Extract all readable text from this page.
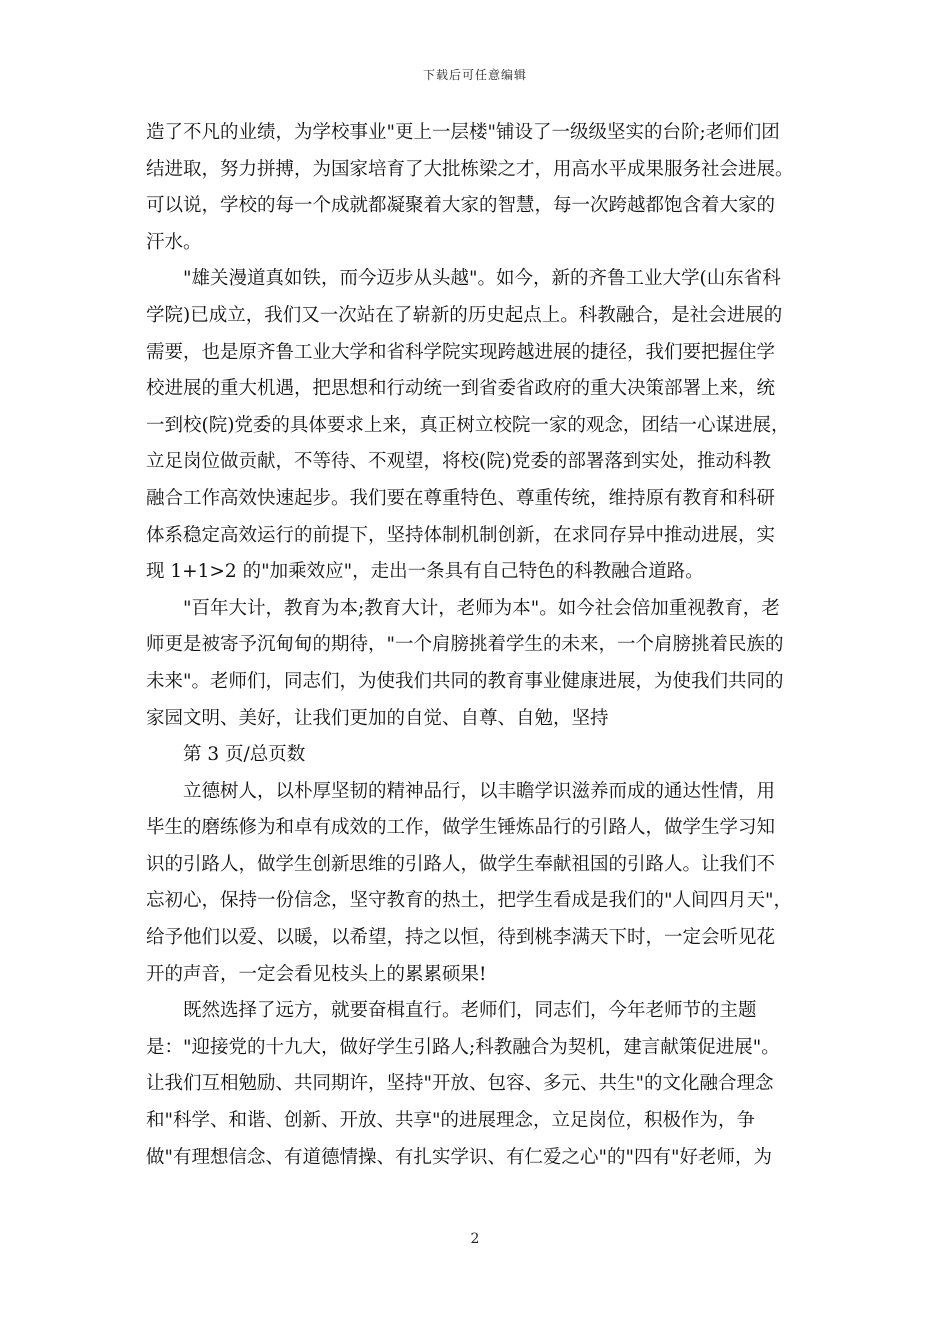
下载后可任意编辑
造了不凡的业绩，为学校事业"更上一层楼"铺设了一级级坚实的台阶;老师们团
结进取，努力拼搏，为国家培育了大批栋梁之才，用高水平成果服务社会进展。
可以说，学校的每一个成就都凝聚着大家的智慧，每一次跨越都饱含着大家的
汗水。
　　"雄关漫道真如铁，而今迈步从头越"。如今，新的齐鲁工业大学(山东省科
学院)已成立，我们又一次站在了崭新的历史起点上。科教融合，是社会进展的
需要，也是原齐鲁工业大学和省科学院实现跨越进展的捷径，我们要把握住学
校进展的重大机遇，把思想和行动统一到省委省政府的重大决策部署上来，统
一到校(院)党委的具体要求上来，真正树立校院一家的观念，团结一心谋进展，
立足岗位做贡献，不等待、不观望，将校(院)党委的部署落到实处，推动科教
融合工作高效快速起步。我们要在尊重特色、尊重传统，维持原有教育和科研
体系稳定高效运行的前提下，坚持体制机制创新，在求同存异中推动进展，实
现 1+1>2 的"加乘效应"，走出一条具有自己特色的科教融合道路。
　　"百年大计，教育为本;教育大计，老师为本"。如今社会倍加重视教育，老
师更是被寄予沉甸甸的期待，"一个肩膀挑着学生的未来，一个肩膀挑着民族的
未来"。老师们，同志们，为使我们共同的教育事业健康进展，为使我们共同的
家园文明、美好，让我们更加的自觉、自尊、自勉，坚持
　　第 3 页/总页数
　　立德树人，以朴厚坚韧的精神品行，以丰瞻学识滋养而成的通达性情，用
毕生的磨练修为和卓有成效的工作，做学生锤炼品行的引路人，做学生学习知
识的引路人，做学生创新思维的引路人，做学生奉献祖国的引路人。让我们不
忘初心，保持一份信念，坚守教育的热土，把学生看成是我们的"人间四月天"，
给予他们以爱、以暖，以希望，持之以恒，待到桃李满天下时，一定会听见花
开的声音，一定会看见枝头上的累累硕果!
　　既然选择了远方，就要奋楫直行。老师们，同志们，今年老师节的主题
是："迎接党的十九大，做好学生引路人;科教融合为契机，建言献策促进展"。
让我们互相勉励、共同期许，坚持"开放、包容、多元、共生"的文化融合理念
和"科学、和谐、创新、开放、共享"的进展理念，立足岗位，积极作为，争
做"有理想信念、有道德情操、有扎实学识、有仁爱之心"的"四有"好老师，为
2
